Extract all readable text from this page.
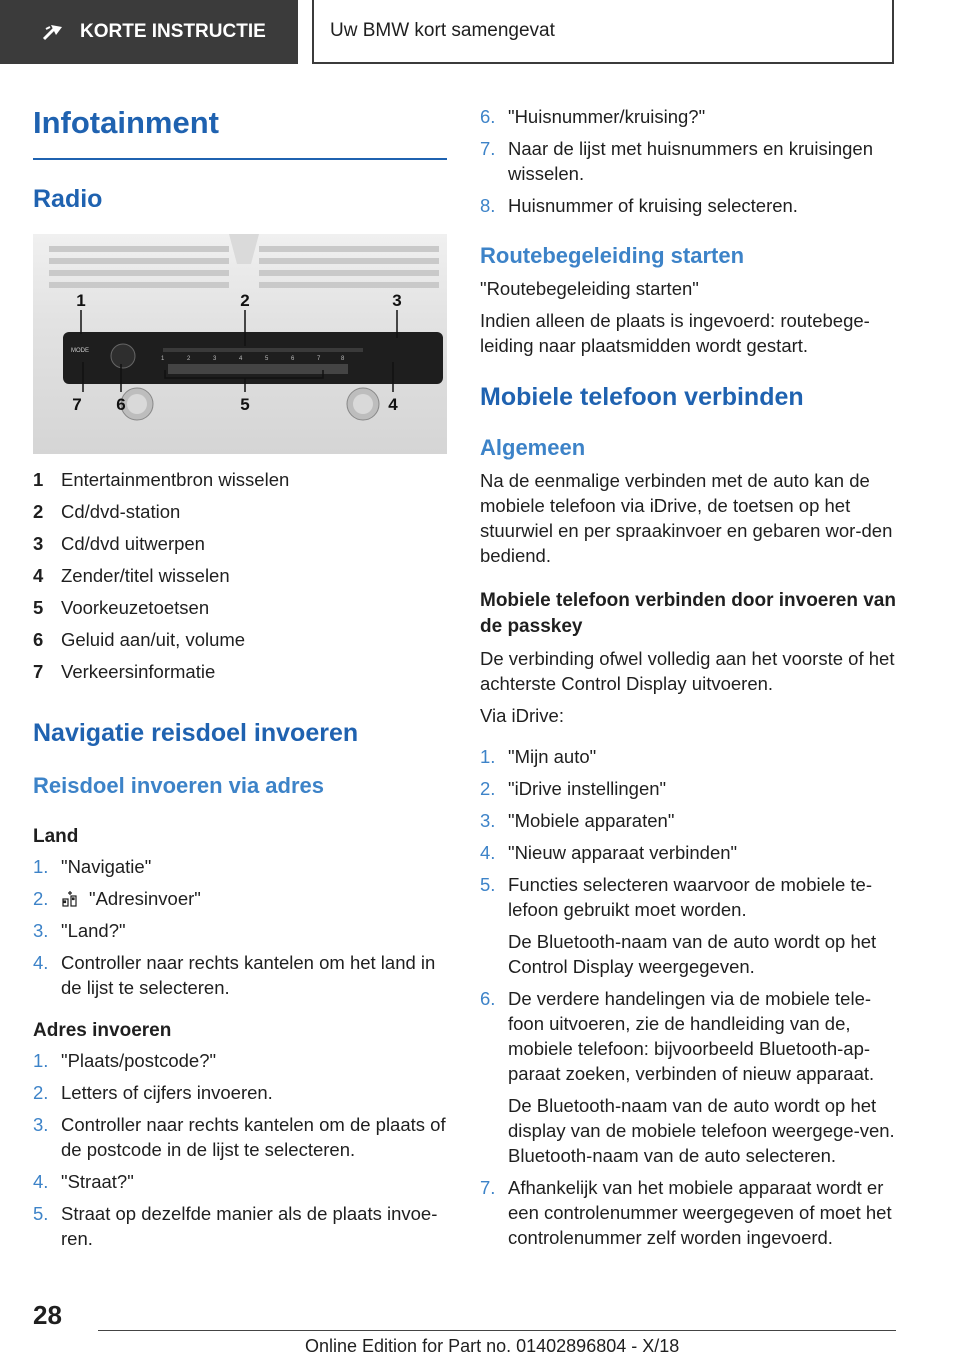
KORTE INSTRUCTIE	Uw BMW kort samengevat
Infotainment
Radio
MODE
1	2	3	4	5	6	7	8
1	2	3
4
5
6
7
1 Entertainmentbron wisselen
2 Cd/dvd-station
3 Cd/dvd uitwerpen
4 Zender/titel wisselen
5 Voorkeuzetoetsen
6 Geluid aan/uit, volume
7 Verkeersinformatie
Navigatie reisdoel invoeren
Reisdoel invoeren via adres
Land
1. "Navigatie"
2.	"Adresinvoer"
3. "Land?"
4. Controller naar rechts kantelen om het land in de lijst te selecteren.
Adres invoeren
1. "Plaats/postcode?"
2. Letters of cijfers invoeren.
3. Controller naar rechts kantelen om de plaats of de postcode in de lijst te selecteren.
4. "Straat?"
5. Straat op dezelfde manier als de plaats invoe-ren.
6. "Huisnummer/kruising?"
7. Naar de lijst met huisnummers en kruisingen wisselen.
8. Huisnummer of kruising selecteren.
Routebegeleiding starten

"Routebegeleiding starten"

Indien alleen de plaats is ingevoerd: routebege-leiding naar plaatsmidden wordt gestart.

Mobiele telefoon verbinden
Algemeen

Na de eenmalige verbinden met de auto kan de mobiele telefoon via iDrive, de toetsen op het stuurwiel en per spraakinvoer en gebaren wor-den bediend.

Mobiele telefoon verbinden door invoeren van de passkey

De verbinding ofwel volledig aan het voorste of het achterste Control Display uitvoeren.

Via iDrive:

1. "Mijn auto"
2. "iDrive instellingen"
3. "Mobiele apparaten"
4. "Nieuw apparaat verbinden"
5. Functies selecteren waarvoor de mobiele te-lefoon gebruikt moet worden.
De Bluetooth-naam van de auto wordt op het Control Display weergegeven.
6. De verdere handelingen via de mobiele tele-foon uitvoeren, zie de handleiding van de, mobiele telefoon: bijvoorbeeld Bluetooth-ap-paraat zoeken, verbinden of nieuw apparaat.
De Bluetooth-naam van de auto wordt op het display van de mobiele telefoon weergege-ven. Bluetooth-naam van de auto selecteren.
7. Afhankelijk van het mobiele apparaat wordt er een controlenummer weergegeven of moet het controlenummer zelf worden ingevoerd.
28
Online Edition for Part no. 01402896804 - X/18
